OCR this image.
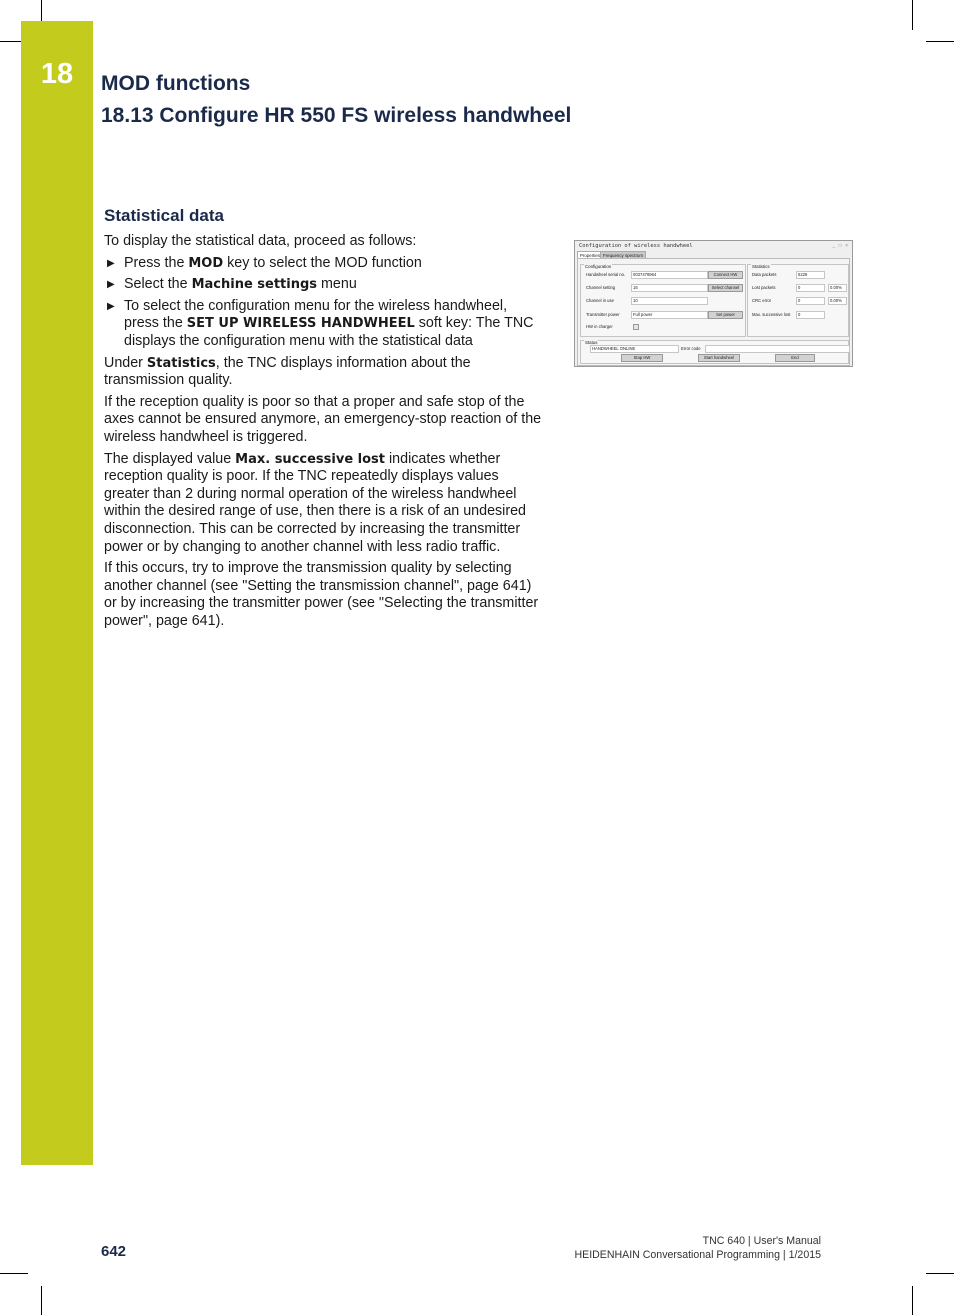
18	MOD functions
18.13 Configure HR 550 FS wireless handwheel
Statistical data

To display the statistical data, proceed as follows:

▶ Press the MOD key to select the MOD function
▶ Select the Machine settings menu
▶ To select the configuration menu for the wireless handwheel, press the SET UP WIRELESS HANDWHEEL soft key: The TNC displays the configuration menu with the statistical data

Under Statistics, the TNC displays information about the transmission quality.

If the reception quality is poor so that a proper and safe stop of the axes cannot be ensured anymore, an emergency-stop reaction of the wireless handwheel is triggered.

The displayed value Max. successive lost indicates whether reception quality is poor. If the TNC repeatedly displays values greater than 2 during normal operation of the wireless handwheel within the desired range of use, then there is a risk of an undesired disconnection. This can be corrected by increasing the transmitter power or by changing to another channel with less radio traffic.

If this occurs, try to improve the transmission quality by selecting another channel (see "Setting the transmission channel", page 641) or by increasing the transmitter power (see "Selecting the transmitter power", page 641).

Configuration of wireless handwheel	_ □ ×
Properties Frequency spectrum
Configuration
Handwheel serial no.	0037478964	Connect HW
Channel setting	16	Select channel
Channel in use	10
Transmitter power	Full power	Set power
HW in charger
Statistics
Data packets	5228
Lost packets	0	0.00%
CRC error	0	0.00%
Max. successive lost	0
Status
HANDWHEEL ONLINE	Error code
Stop HW	Start handwheel	End
642
TNC 640 | User's Manual
HEIDENHAIN Conversational Programming | 1/2015
